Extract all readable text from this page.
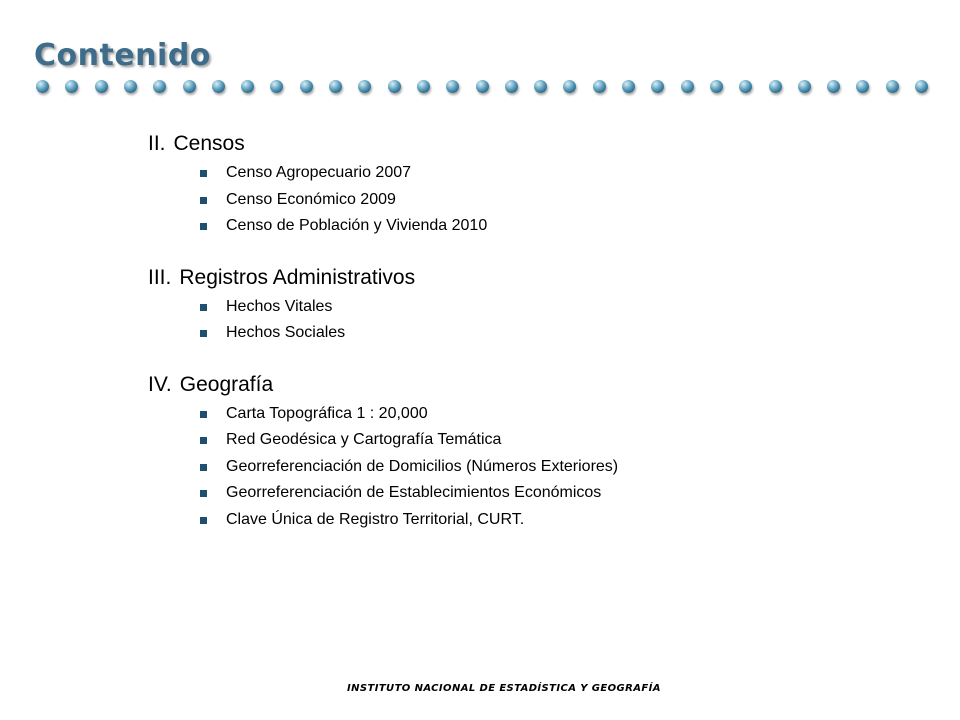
Contenido
II. Censos
Censo Agropecuario 2007
Censo Económico 2009
Censo de Población y Vivienda 2010
III. Registros Administrativos
Hechos Vitales
Hechos Sociales
IV. Geografía
Carta Topográfica 1 : 20,000
Red Geodésica y Cartografía Temática
Georreferenciación de Domicilios (Números Exteriores)
Georreferenciación de Establecimientos Económicos
Clave Única de Registro Territorial, CURT.
INSTITUTO NACIONAL DE ESTADÍSTICA Y GEOGRAFÍA
